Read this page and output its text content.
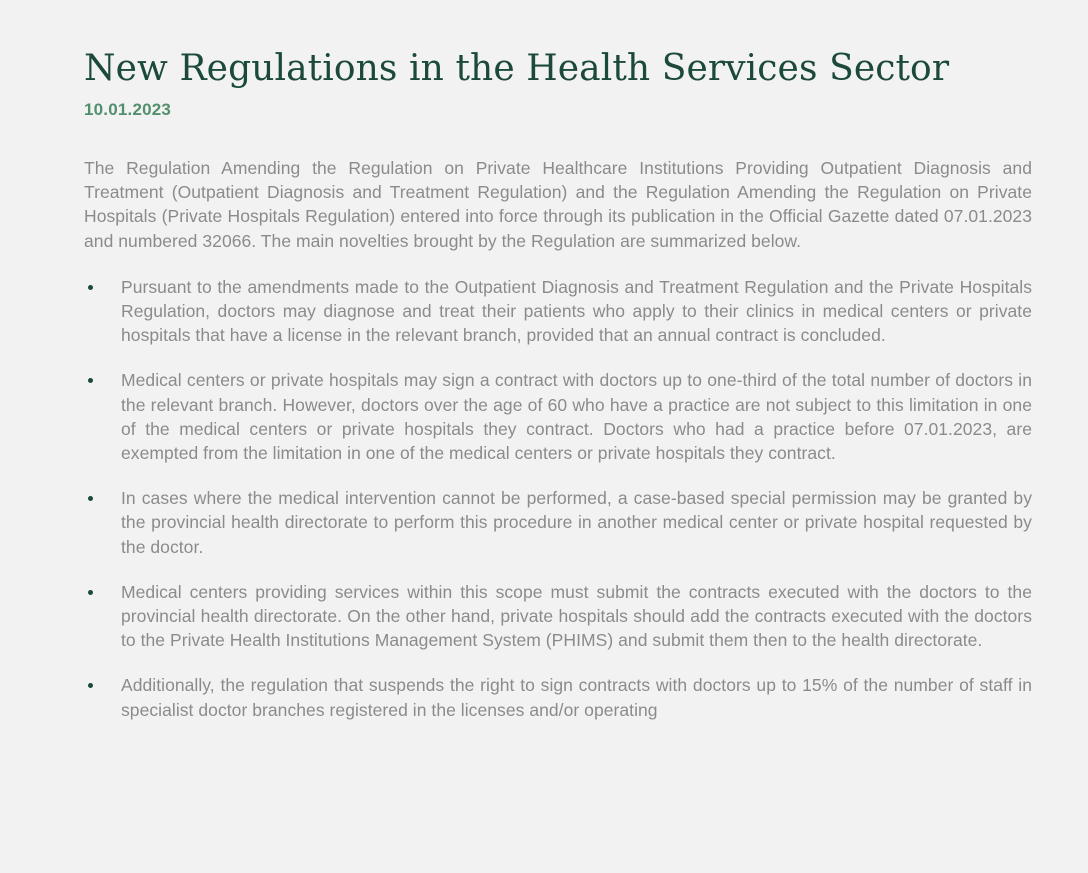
New Regulations in the Health Services Sector
10.01.2023

The Regulation Amending the Regulation on Private Healthcare Institutions Providing Outpatient Diagnosis and Treatment (Outpatient Diagnosis and Treatment Regulation) and the Regulation Amending the Regulation on Private Hospitals (Private Hospitals Regulation) entered into force through its publication in the Official Gazette dated 07.01.2023 and numbered 32066. The main novelties brought by the Regulation are summarized below.

Pursuant to the amendments made to the Outpatient Diagnosis and Treatment Regulation and the Private Hospitals Regulation, doctors may diagnose and treat their patients who apply to their clinics in medical centers or private hospitals that have a license in the relevant branch, provided that an annual contract is concluded.
Medical centers or private hospitals may sign a contract with doctors up to one-third of the total number of doctors in the relevant branch. However, doctors over the age of 60 who have a practice are not subject to this limitation in one of the medical centers or private hospitals they contract. Doctors who had a practice before 07.01.2023, are exempted from the limitation in one of the medical centers or private hospitals they contract.
In cases where the medical intervention cannot be performed, a case-based special permission may be granted by the provincial health directorate to perform this procedure in another medical center or private hospital requested by the doctor.
Medical centers providing services within this scope must submit the contracts executed with the doctors to the provincial health directorate. On the other hand, private hospitals should add the contracts executed with the doctors to the Private Health Institutions Management System (PHIMS) and submit them then to the health directorate.
Additionally, the regulation that suspends the right to sign contracts with doctors up to 15% of the number of staff in specialist doctor branches registered in the licenses and/or operating
